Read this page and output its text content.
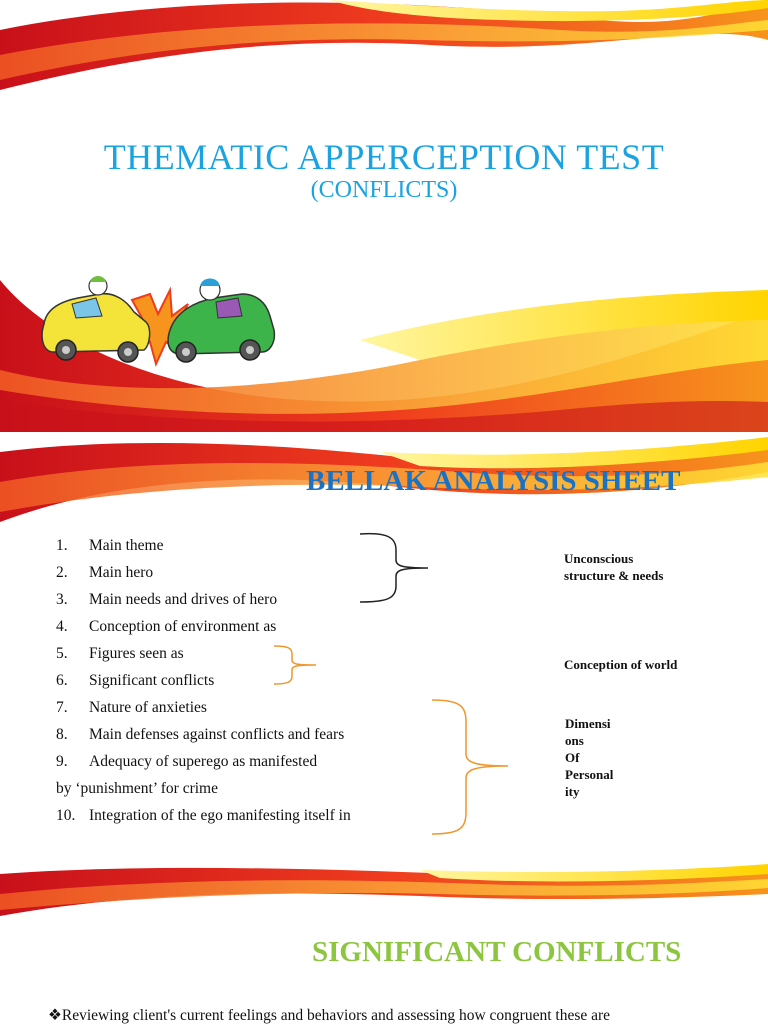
THEMATIC APPERCEPTION TEST
(CONFLICTS)
BELLAK ANALYSIS SHEET
1. Main theme
2. Main hero
3. Main needs and drives of hero
4. Conception of environment as
5. Figures seen as
6. Significant conflicts
7. Nature of anxieties
8. Main defenses against conflicts and fears
9. Adequacy of superego as manifested
by ‘punishment’ for crime
10. Integration of the ego manifesting itself in
Unconscious
structure & needs
Conception of world
Dimensi
ons
Of
Personal
ity
SIGNIFICANT CONFLICTS
❖Reviewing client's current feelings and behaviors and assessing how congruent these are
